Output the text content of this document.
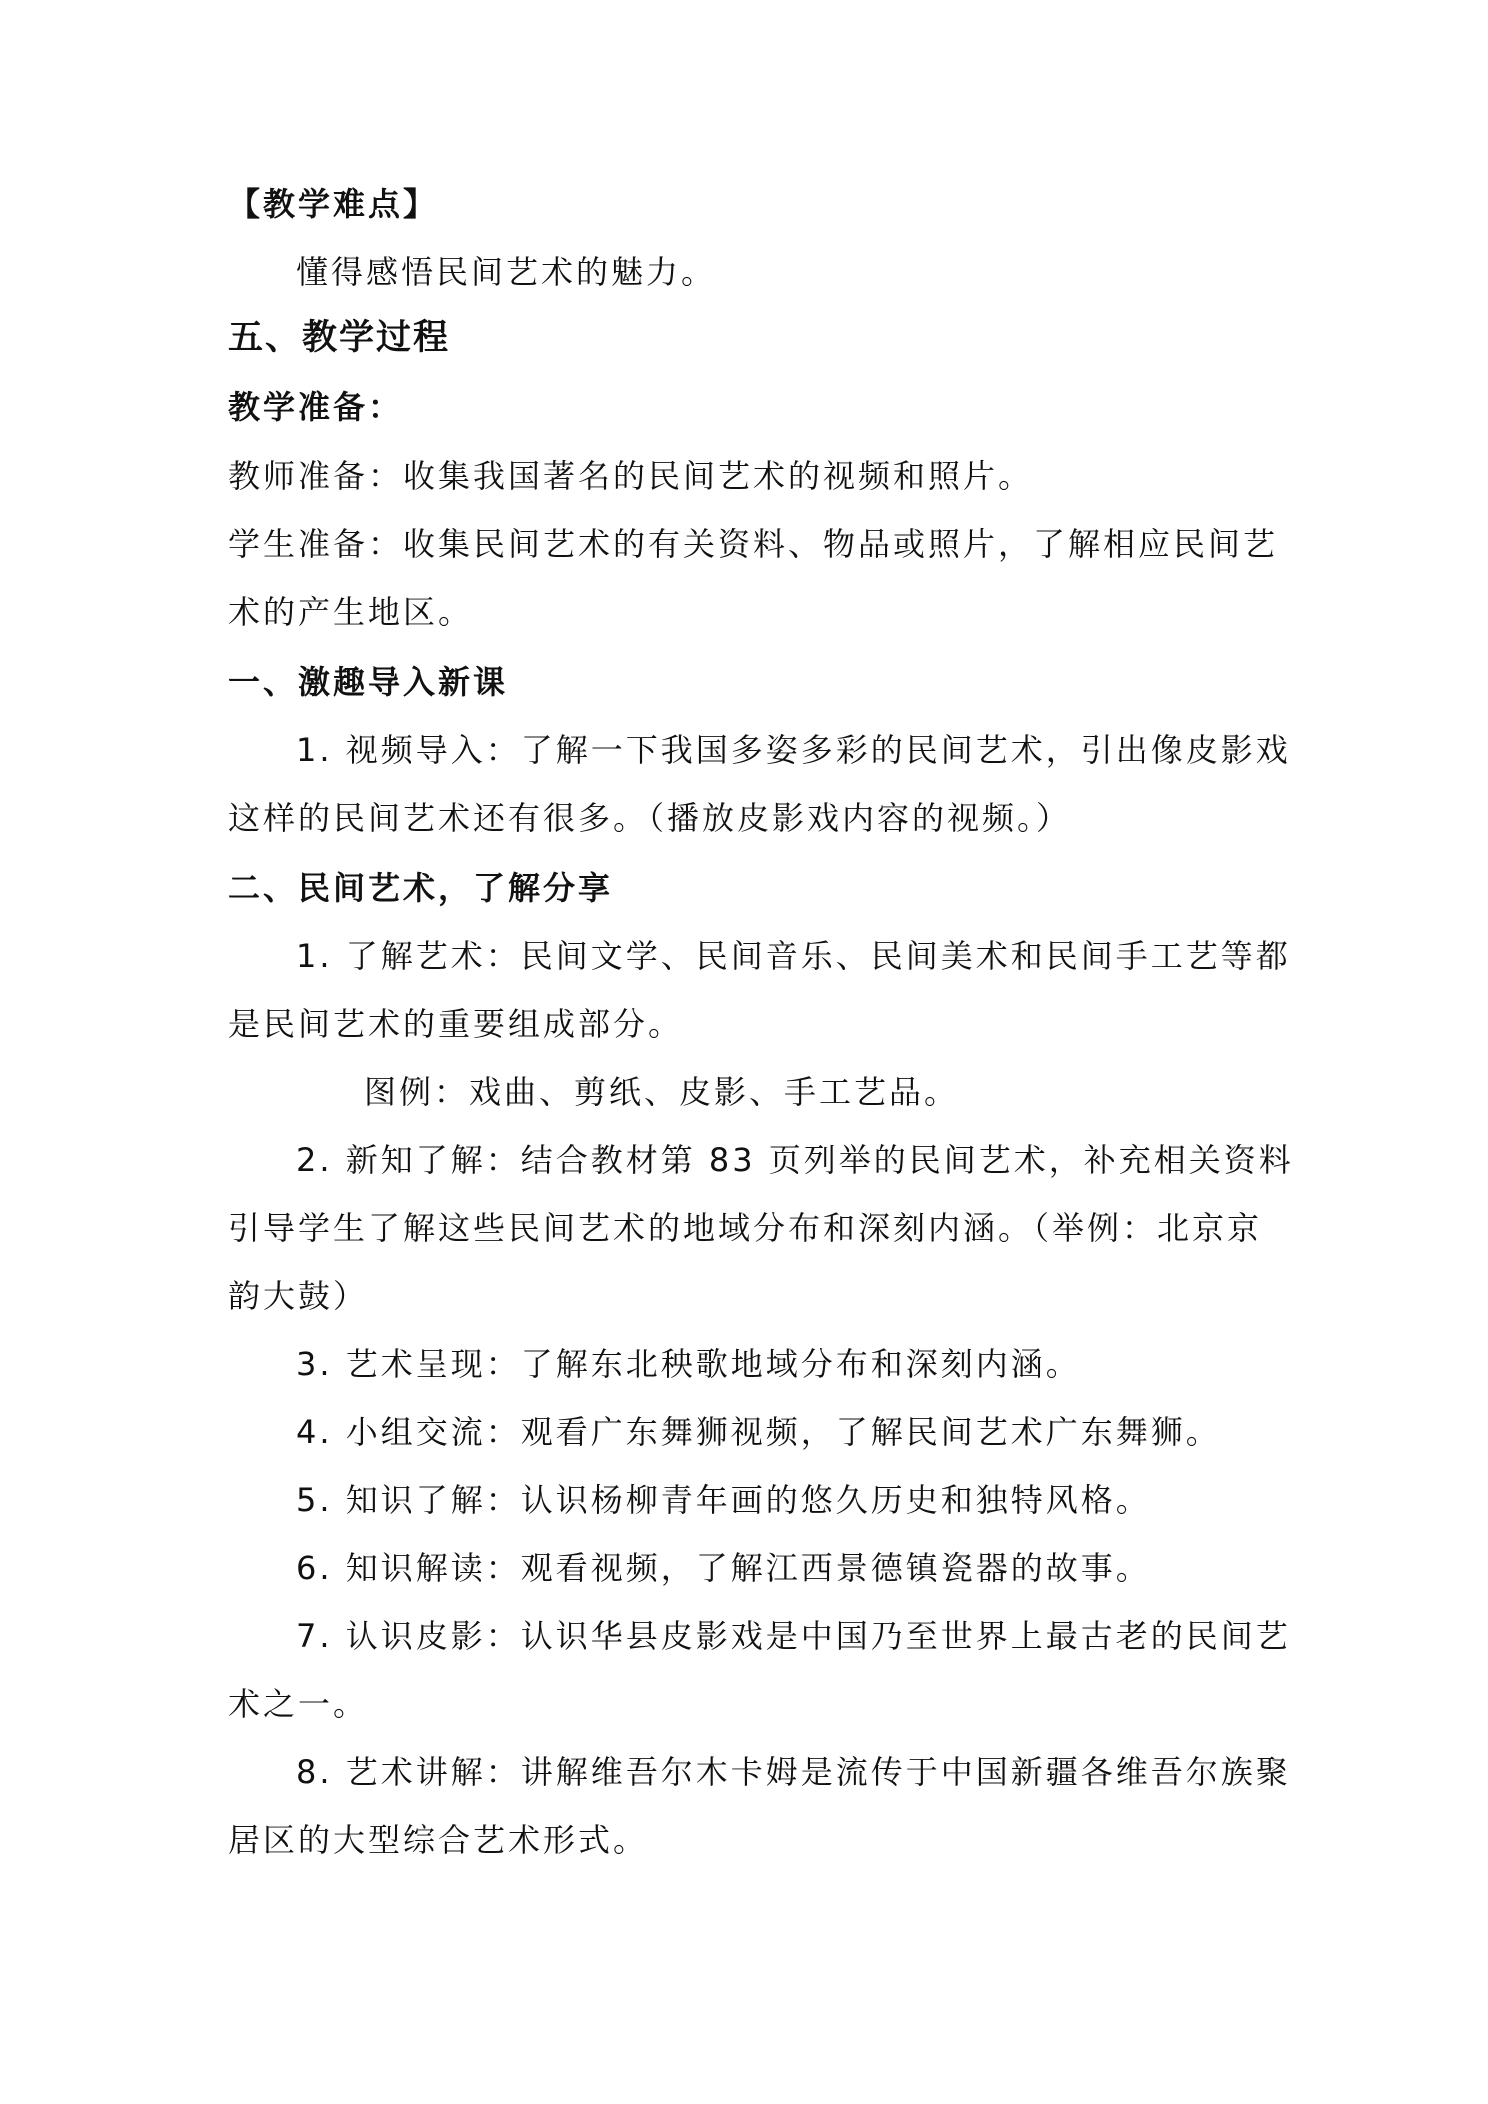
【教学难点】
懂得感悟民间艺术的魅力。
五、教学过程
教学准备：
教师准备：收集我国著名的民间艺术的视频和照片。
学生准备：收集民间艺术的有关资料、物品或照片，了解相应民间艺
术的产生地区。
一、激趣导入新课
1. 视频导入：了解一下我国多姿多彩的民间艺术，引出像皮影戏
这样的民间艺术还有很多。（播放皮影戏内容的视频。）
二、民间艺术，了解分享
1. 了解艺术：民间文学、民间音乐、民间美术和民间手工艺等都
是民间艺术的重要组成部分。
图例：戏曲、剪纸、皮影、手工艺品。
2. 新知了解：结合教材第 83 页列举的民间艺术，补充相关资料
引导学生了解这些民间艺术的地域分布和深刻内涵。（举例：北京京
韵大鼓）
3. 艺术呈现：了解东北秧歌地域分布和深刻内涵。
4. 小组交流：观看广东舞狮视频，了解民间艺术广东舞狮。
5. 知识了解：认识杨柳青年画的悠久历史和独特风格。
6. 知识解读：观看视频，了解江西景德镇瓷器的故事。
7. 认识皮影：认识华县皮影戏是中国乃至世界上最古老的民间艺
术之一。
8. 艺术讲解：讲解维吾尔木卡姆是流传于中国新疆各维吾尔族聚
居区的大型综合艺术形式。
